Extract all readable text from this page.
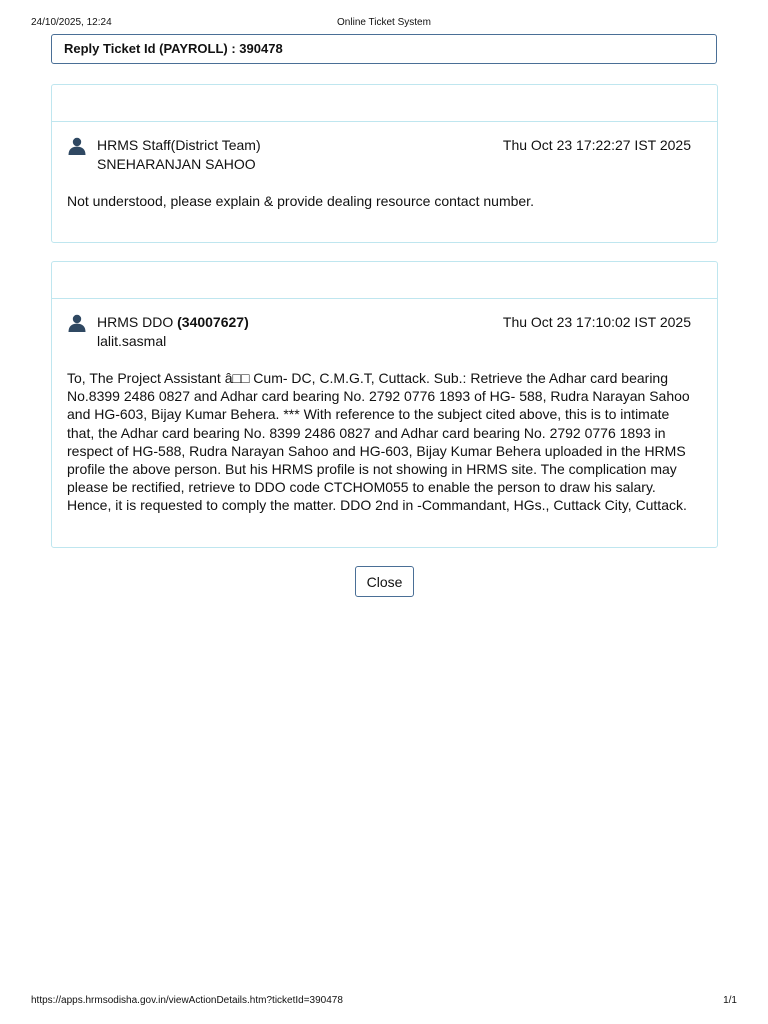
24/10/2025, 12:24	Online Ticket System
Reply Ticket Id (PAYROLL) : 390478
HRMS Staff(District Team)
SNEHARANJAN SAHOO
Thu Oct 23 17:22:27 IST 2025
Not understood, please explain & provide dealing resource contact number.
HRMS DDO (34007627)
lalit.sasmal
Thu Oct 23 17:10:02 IST 2025
To, The Project Assistant â□□ Cum- DC, C.M.G.T, Cuttack. Sub.: Retrieve the Adhar card bearing No.8399 2486 0827 and Adhar card bearing No. 2792 0776 1893 of HG- 588, Rudra Narayan Sahoo and HG-603, Bijay Kumar Behera. *** With reference to the subject cited above, this is to intimate that, the Adhar card bearing No. 8399 2486 0827 and Adhar card bearing No. 2792 0776 1893 in respect of HG-588, Rudra Narayan Sahoo and HG-603, Bijay Kumar Behera uploaded in the HRMS profile the above person. But his HRMS profile is not showing in HRMS site. The complication may please be rectified, retrieve to DDO code CTCHOM055 to enable the person to draw his salary. Hence, it is requested to comply the matter. DDO 2nd in -Commandant, HGs., Cuttack City, Cuttack.
Close
https://apps.hrmsodisha.gov.in/viewActionDetails.htm?ticketId=390478	1/1
